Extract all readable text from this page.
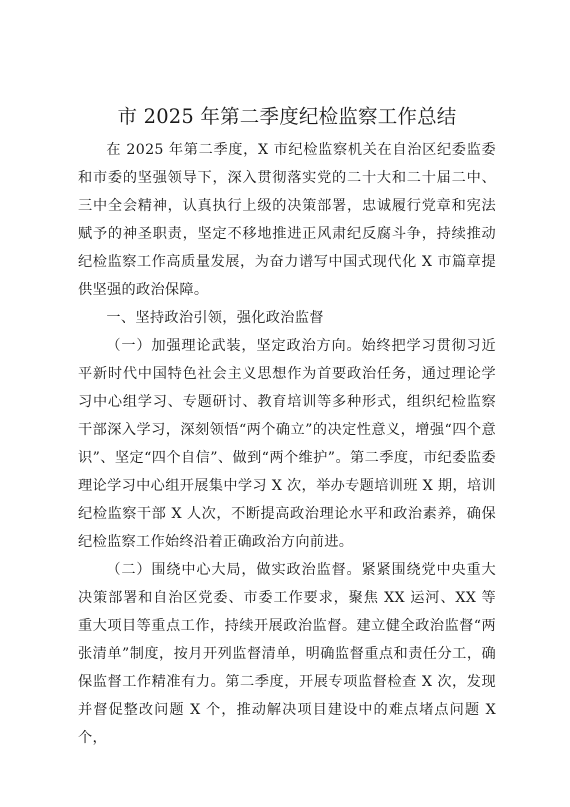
市 2025 年第二季度纪检监察工作总结

在 2025 年第二季度，X 市纪检监察机关在自治区纪委监委和市委的坚强领导下，深入贯彻落实党的二十大和二十届二中、三中全会精神，认真执行上级的决策部署，忠诚履行党章和宪法赋予的神圣职责，坚定不移地推进正风肃纪反腐斗争，持续推动纪检监察工作高质量发展，为奋力谱写中国式现代化 X 市篇章提供坚强的政治保障。

一、坚持政治引领，强化政治监督

（一）加强理论武装，坚定政治方向。始终把学习贯彻习近平新时代中国特色社会主义思想作为首要政治任务，通过理论学习中心组学习、专题研讨、教育培训等多种形式，组织纪检监察干部深入学习，深刻领悟“两个确立”的决定性意义，增强“四个意识”、坚定“四个自信”、做到“两个维护”。第二季度，市纪委监委理论学习中心组开展集中学习 X 次，举办专题培训班 X 期，培训纪检监察干部 X 人次，不断提高政治理论水平和政治素养，确保纪检监察工作始终沿着正确政治方向前进。

（二）围绕中心大局，做实政治监督。紧紧围绕党中央重大决策部署和自治区党委、市委工作要求，聚焦 XX 运河、XX 等重大项目等重点工作，持续开展政治监督。建立健全政治监督“两张清单”制度，按月开列监督清单，明确监督重点和责任分工，确保监督工作精准有力。第二季度，开展专项监督检查 X 次，发现并督促整改问题 X 个，推动解决项目建设中的难点堵点问题 X 个，
